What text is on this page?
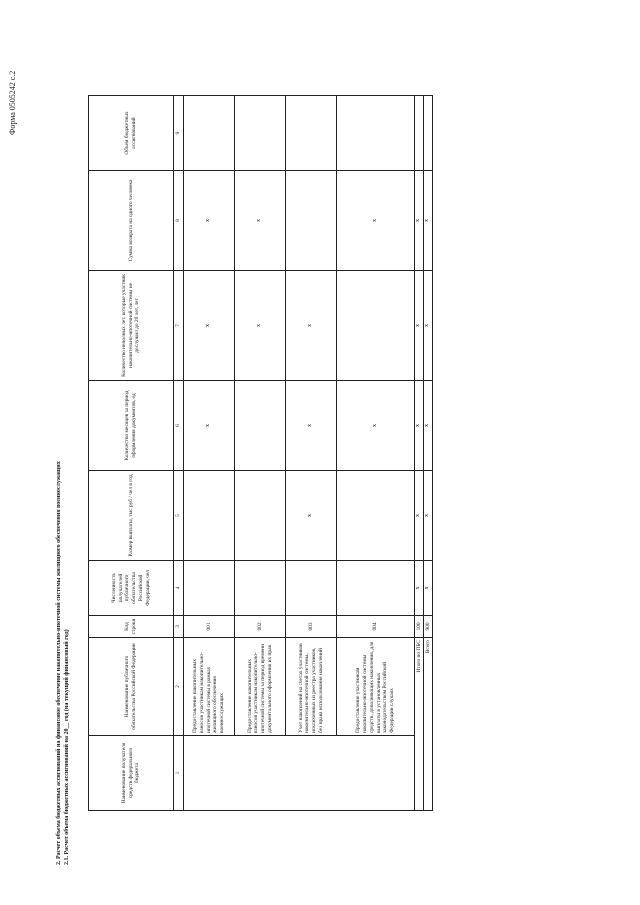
Форма 0505242 с.2
2. Расчет объема бюджетных ассигнований на финансовое обеспечение накопительно-ипотечной системы жилищного обеспечения военнослужащих 2.1. Расчет объема бюджетных ассигнований на 20__ год (на текущий финансовый год)	Наименование получателя средств федерального бюджета	Наименование публичного обязательства Российской Федерации	Код строки	Численность получателей публичного обязательства Российской Федерации, чел	Размер выплаты, тыс руб / чел в год	Количество месяцев за период оформления документов, ед	Количество неполных лет, которые участник накопительно-ипотечной системы не дослужил до 20 лет, лет	Сумма возврата на одного человека	Объем бюджетных ассигнований
1	2	3	4	5	6	7	8	9
	Предоставление накопительных взносов участникам накопительно-ипотечной системы в рамках жилищного обеспечения военнослужащих	001			x	x	x	
	Предоставление накопительных взносов участникам накопительно-ипотечной системы за период времени документального оформления их прав	002				x	x	
	Учет накоплений на счетах участников накопительно-ипотечной системы, исключенных из реестра участников, без права использования накоплений	003		x	x	x		
	Предоставление участникам накопительно-ипотечной системы средств, дополняющих накопления, для выплаты в установленных законодательством Российской Федерации случаях	004			x		x	
Итого по ПБС		100	x	x	x	x	x	
Всего		900	x	x	x	x	x	
